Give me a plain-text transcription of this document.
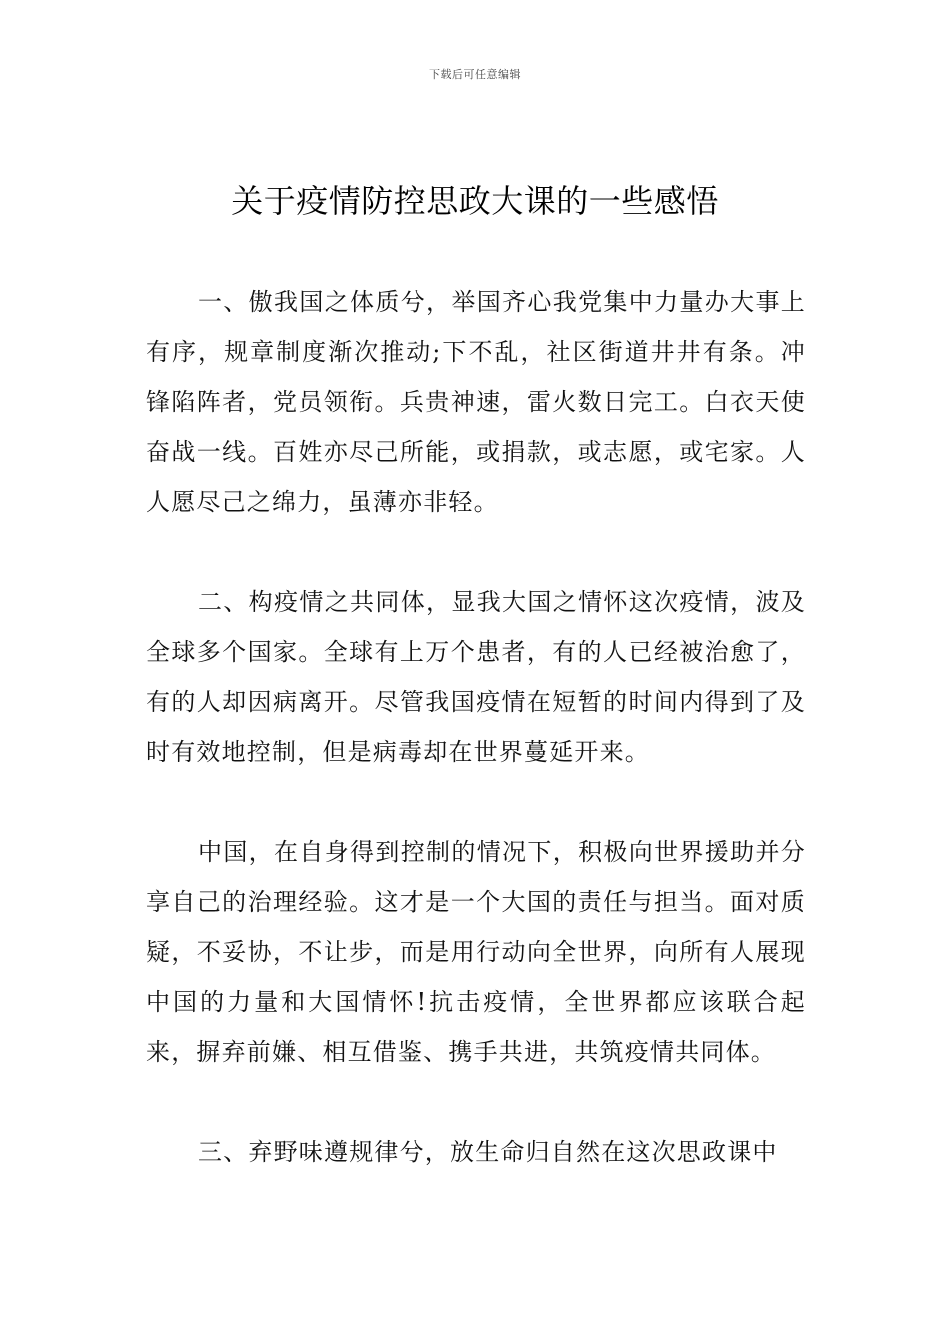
下载后可任意编辑
关于疫情防控思政大课的一些感悟

一、傲我国之体质兮，举国齐心我党集中力量办大事上有序，规章制度渐次推动;下不乱，社区街道井井有条。冲锋陷阵者，党员领衔。兵贵神速，雷火数日完工。白衣天使奋战一线。百姓亦尽己所能，或捐款，或志愿，或宅家。人人愿尽己之绵力，虽薄亦非轻。

二、构疫情之共同体，显我大国之情怀这次疫情，波及全球多个国家。全球有上万个患者，有的人已经被治愈了，有的人却因病离开。尽管我国疫情在短暂的时间内得到了及时有效地控制，但是病毒却在世界蔓延开来。

中国，在自身得到控制的情况下，积极向世界援助并分享自己的治理经验。这才是一个大国的责任与担当。面对质疑，不妥协，不让步，而是用行动向全世界，向所有人展现中国的力量和大国情怀!抗击疫情，全世界都应该联合起来，摒弃前嫌、相互借鉴、携手共进，共筑疫情共同体。

三、弃野味遵规律兮，放生命归自然在这次思政课中
